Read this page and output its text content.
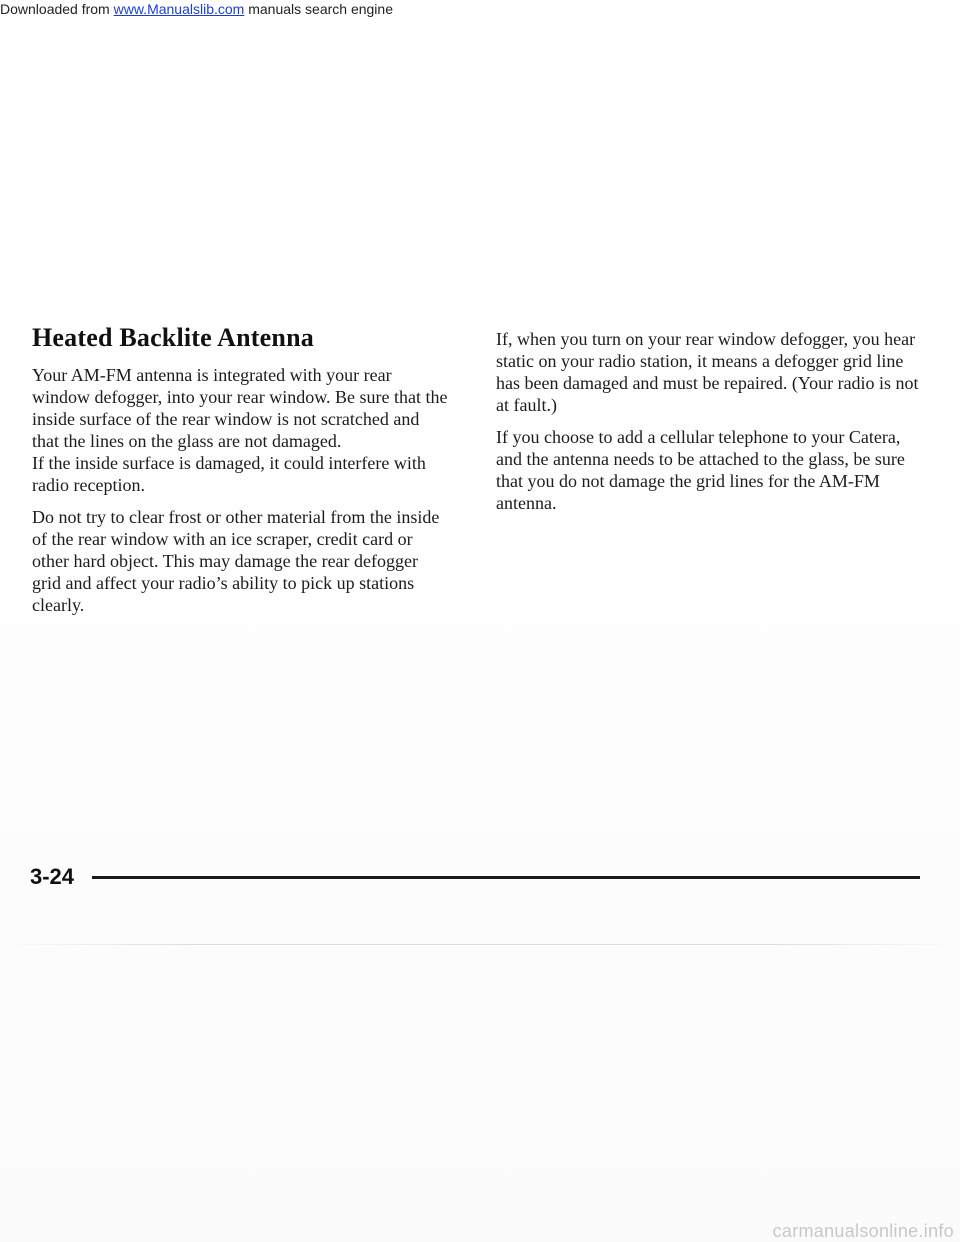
Heated Backlite Antenna

Your AM-FM antenna is integrated with your rear window defogger, into your rear window. Be sure that the inside surface of the rear window is not scratched and that the lines on the glass are not damaged.

If the inside surface is damaged, it could interfere with radio reception.

Do not try to clear frost or other material from the inside of the rear window with an ice scraper, credit card or other hard object. This may damage the rear defogger grid and affect your radio’s ability to pick up stations clearly.

If, when you turn on your rear window defogger, you hear static on your radio station, it means a defogger grid line has been damaged and must be repaired. (Your radio is not at fault.)

If you choose to add a cellular telephone to your Catera, and the antenna needs to be attached to the glass, be sure that you do not damage the grid lines for the AM-FM antenna.

3-24
Downloaded from www.Manualslib.com manuals search engine
carmanualsonline.info
